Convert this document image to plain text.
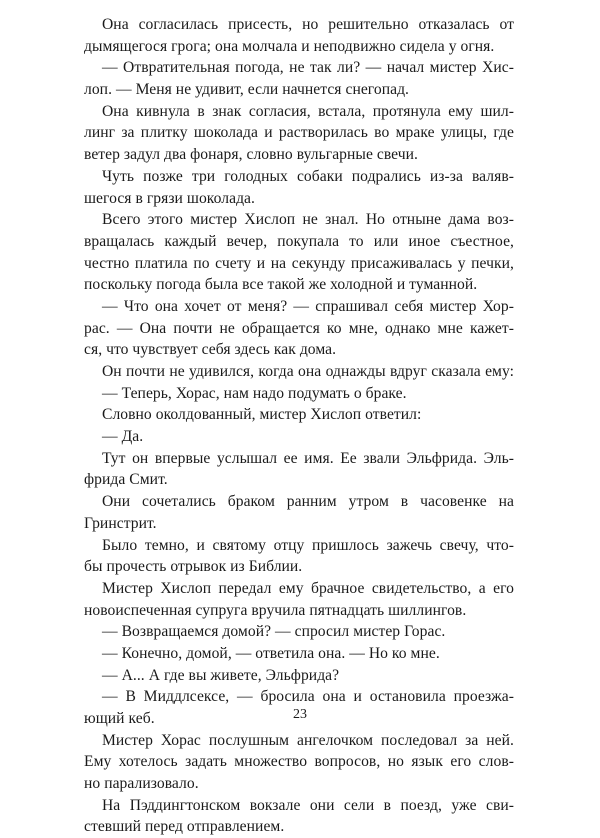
Она согласилась присесть, но решительно отказалась от
дымящегося грога; она молчала и неподвижно сидела у огня.
— Отвратительная погода, не так ли? — начал мистер Хис-
лоп. — Меня не удивит, если начнется снегопад.
Она кивнула в знак согласия, встала, протянула ему шил-
линг за плитку шоколада и растворилась во мраке улицы, где
ветер задул два фонаря, словно вульгарные свечи.
Чуть позже три голодных собаки подрались из-за валяв-
шегося в грязи шоколада.
Всего этого мистер Хислоп не знал. Но отныне дама воз-
вращалась каждый вечер, покупала то или иное съестное,
честно платила по счету и на секунду присаживалась у печки,
поскольку погода была все такой же холодной и туманной.
— Что она хочет от меня? — спрашивал себя мистер Хор-
рас. — Она почти не обращается ко мне, однако мне кажет-
ся, что чувствует себя здесь как дома.
Он почти не удивился, когда она однажды вдруг сказала ему:
— Теперь, Хорас, нам надо подумать о браке.
Словно околдованный, мистер Хислоп ответил:
— Да.
Тут он впервые услышал ее имя. Ее звали Эльфрида. Эль-
фрида Смит.
Они сочетались браком ранним утром в часовенке на
Гринстрит.
Было темно, и святому отцу пришлось зажечь свечу, что-
бы прочесть отрывок из Библии.
Мистер Хислоп передал ему брачное свидетельство, а его
новоиспеченная супруга вручила пятнадцать шиллингов.
— Возвращаемся домой? — спросил мистер Горас.
— Конечно, домой, — ответила она. — Но ко мне.
— А... А где вы живете, Эльфрида?
— В Миддлсексе, — бросила она и остановила проезжа-
ющий кеб.
Мистер Хорас послушным ангелочком последовал за ней.
Ему хотелось задать множество вопросов, но язык его слов-
но парализовало.
На Пэддингтонском вокзале они сели в поезд, уже сви-
стевший перед отправлением.
23
